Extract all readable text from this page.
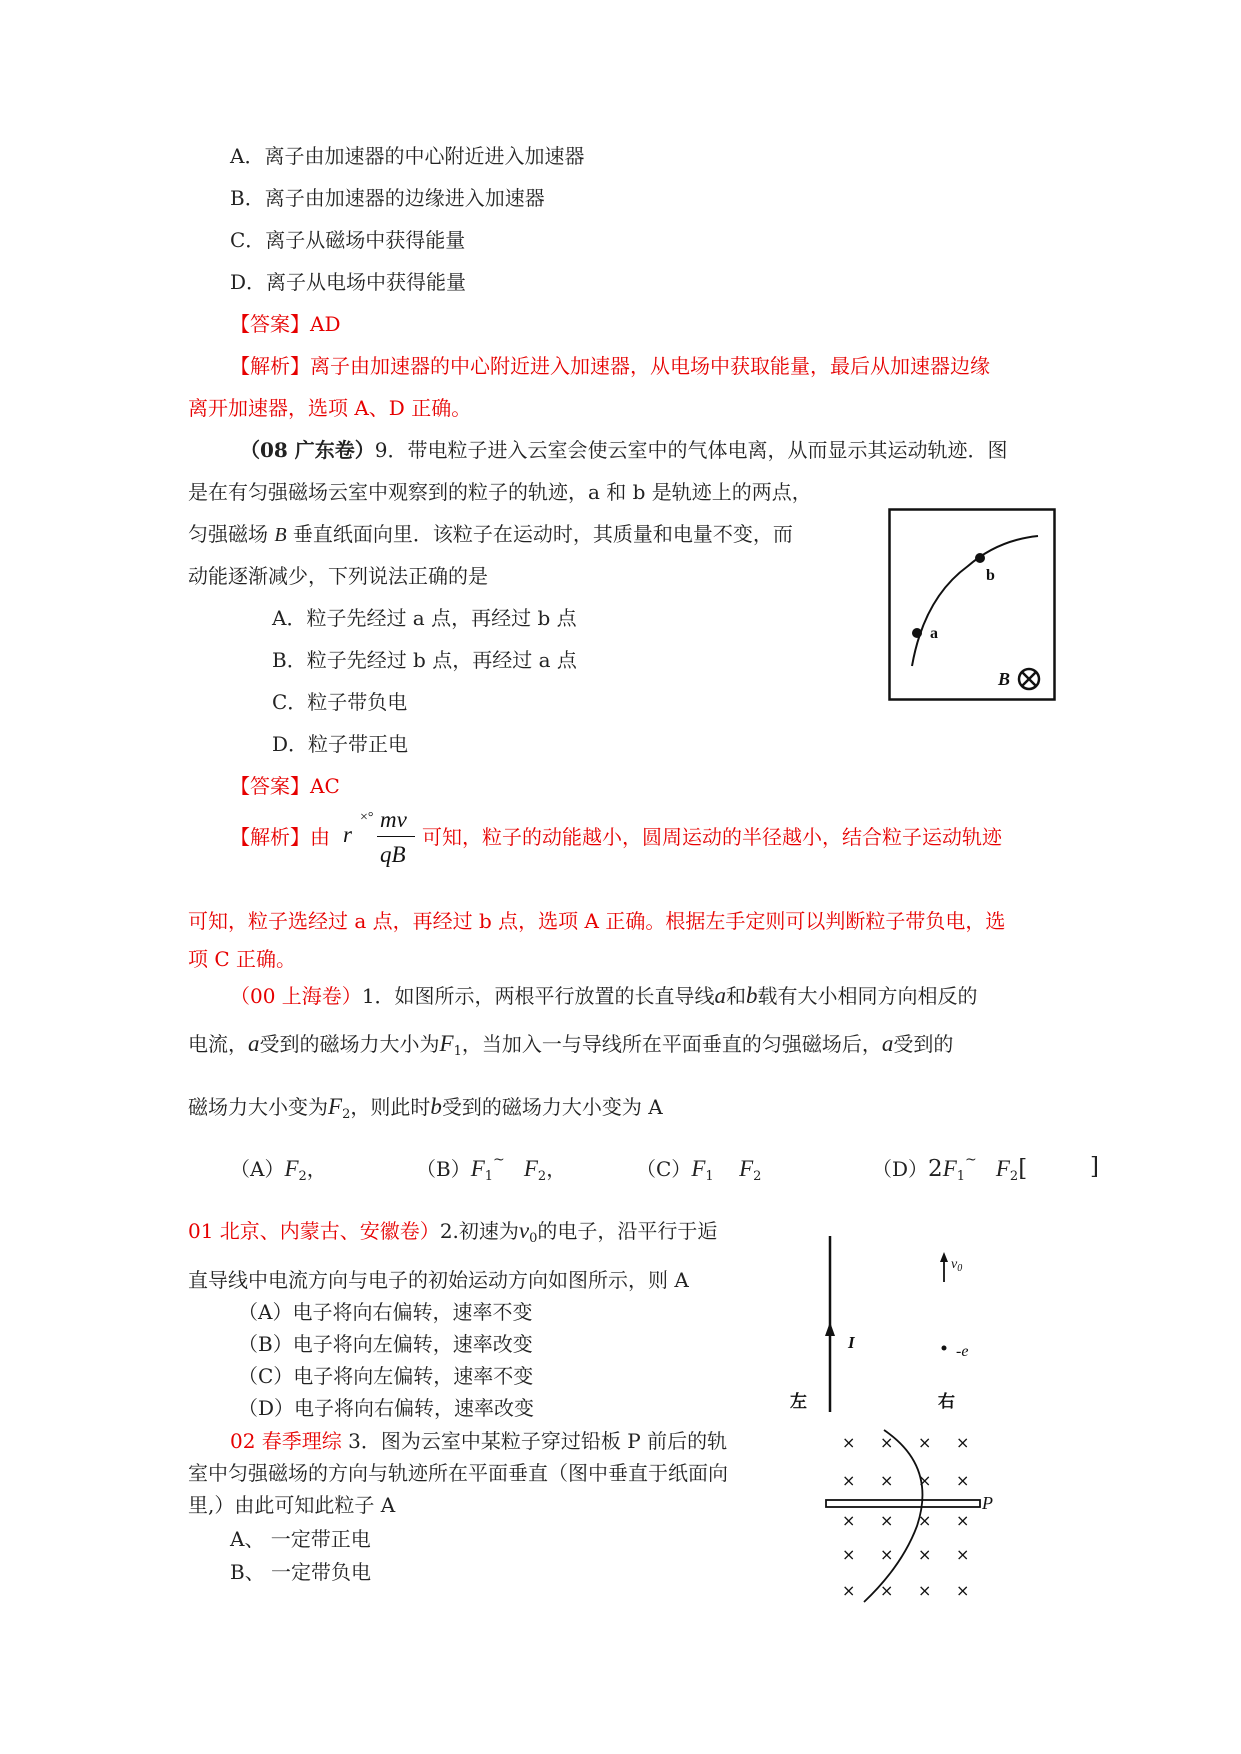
A．离子由加速器的中心附近进入加速器
B．离子由加速器的边缘进入加速器
C．离子从磁场中获得能量
D．离子从电场中获得能量
【答案】AD
【解析】离子由加速器的中心附近进入加速器，从电场中获取能量，最后从加速器边缘
离开加速器，选项 A、D 正确。
（08 广东卷）9．带电粒子进入云室会使云室中的气体电离，从而显示其运动轨迹．图
是在有匀强磁场云室中观察到的粒子的轨迹，a 和 b 是轨迹上的两点，
匀强磁场 B 垂直纸面向里．该粒子在运动时，其质量和电量不变，而
动能逐渐减少，下列说法正确的是
A．粒子先经过 a 点，再经过 b 点
B．粒子先经过 b 点，再经过 a 点
C．粒子带负电
D．粒子带正电
【答案】AC
a
b
B
【解析】由 r
×° mv
qB
可知，粒子的动能越小，圆周运动的半径越小，结合粒子运动轨迹
可知，粒子选经过 a 点，再经过 b 点，选项 A 正确。根据左手定则可以判断粒子带负电，选
项 C 正确。
（00 上海卷）1．如图所示，两根平行放置的长直导线a和b载有大小相同方向相反的
电流，a受到的磁场力大小为$F_1$，当加入一与导线所在平面垂直的匀强磁场后，a受到的
磁场力大小变为$F_2$，则此时b受到的磁场力大小变为 A
$(A)F_2$，	$(B)F_1^\sim$ $F_2$，	$(C)F_1$ $F_2$	$(D)2F_1^\sim$ $F_2$[	]
01 北京、内蒙古、安徽卷）2.初速为$v_0$的电子，沿平行于逅
直导线中电流方向与电子的初始运动方向如图所示，则 A
（A）电子将向右偏转，速率不变
（B）电子将向左偏转，速率改变
（C）电子将向左偏转，速率不变
（D）电子将向右偏转，速率改变
I
$v_0$
-e
左	右
02 春季理综 3．图为云室中某粒子穿过铅板 P 前后的轨
室中匀强磁场的方向与轨迹所在平面垂直（图中垂直于纸面向
里,）由此可知此粒子 A
A、 一定带正电
B、 一定带负电
× × × ×
× × × ×
× × × ×
× × × ×
× × × ×
P
